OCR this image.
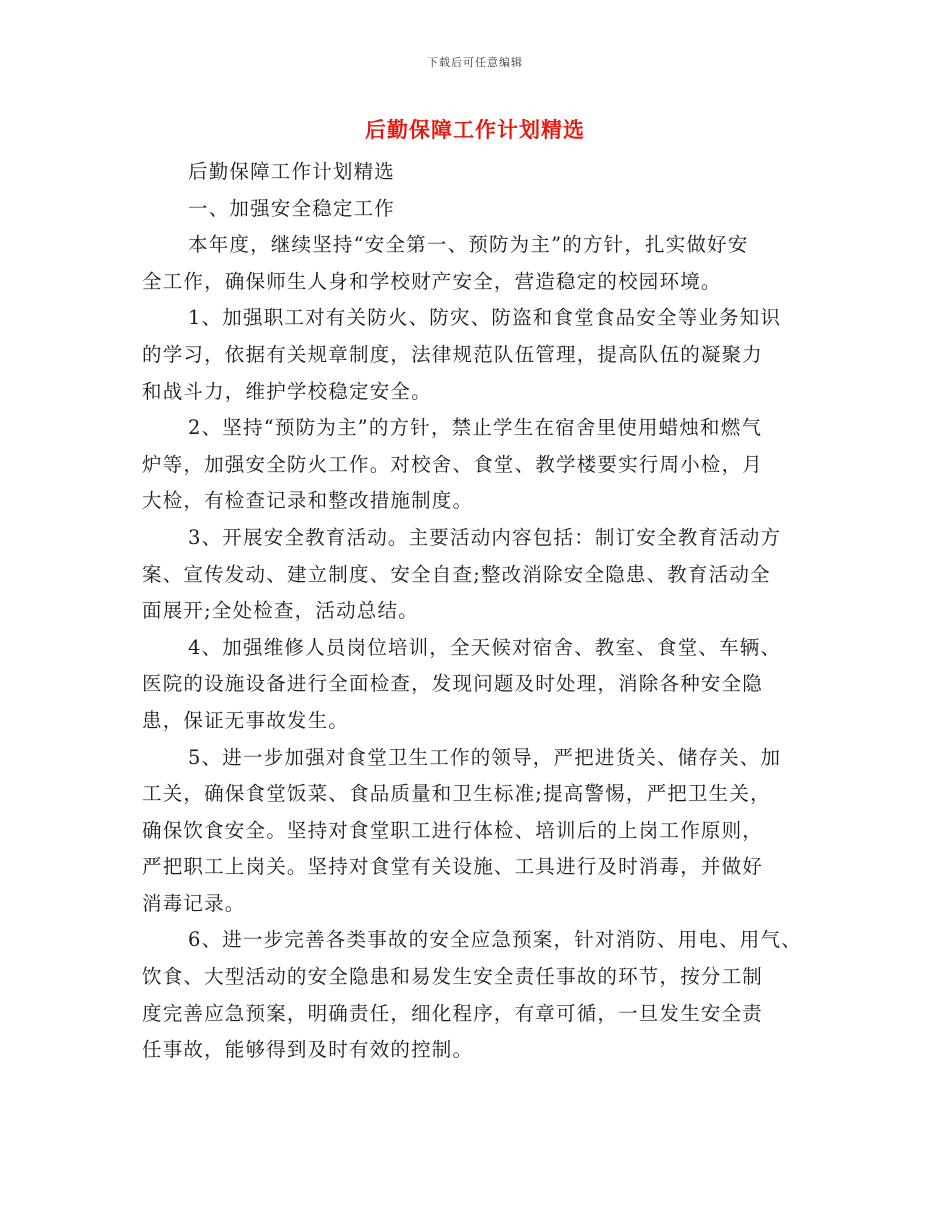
下载后可任意编辑
后勤保障工作计划精选

后勤保障工作计划精选

一、加强安全稳定工作

本年度，继续坚持“安全第一、预防为主”的方针，扎实做好安

全工作，确保师生人身和学校财产安全，营造稳定的校园环境。

1、加强职工对有关防火、防灾、防盗和食堂食品安全等业务知识

的学习，依据有关规章制度，法律规范队伍管理，提高队伍的凝聚力

和战斗力，维护学校稳定安全。

2、坚持“预防为主”的方针，禁止学生在宿舍里使用蜡烛和燃气

炉等，加强安全防火工作。对校舍、食堂、教学楼要实行周小检，月

大检，有检查记录和整改措施制度。

3、开展安全教育活动。主要活动内容包括：制订安全教育活动方

案、宣传发动、建立制度、安全自查;整改消除安全隐患、教育活动全

面展开;全处检查，活动总结。

4、加强维修人员岗位培训，全天候对宿舍、教室、食堂、车辆、

医院的设施设备进行全面检查，发现问题及时处理，消除各种安全隐

患，保证无事故发生。

5、进一步加强对食堂卫生工作的领导，严把进货关、储存关、加

工关，确保食堂饭菜、食品质量和卫生标准;提高警惕，严把卫生关，

确保饮食安全。坚持对食堂职工进行体检、培训后的上岗工作原则，

严把职工上岗关。坚持对食堂有关设施、工具进行及时消毒，并做好

消毒记录。

6、进一步完善各类事故的安全应急预案，针对消防、用电、用气、

饮食、大型活动的安全隐患和易发生安全责任事故的环节，按分工制

度完善应急预案，明确责任，细化程序，有章可循，一旦发生安全责

任事故，能够得到及时有效的控制。
